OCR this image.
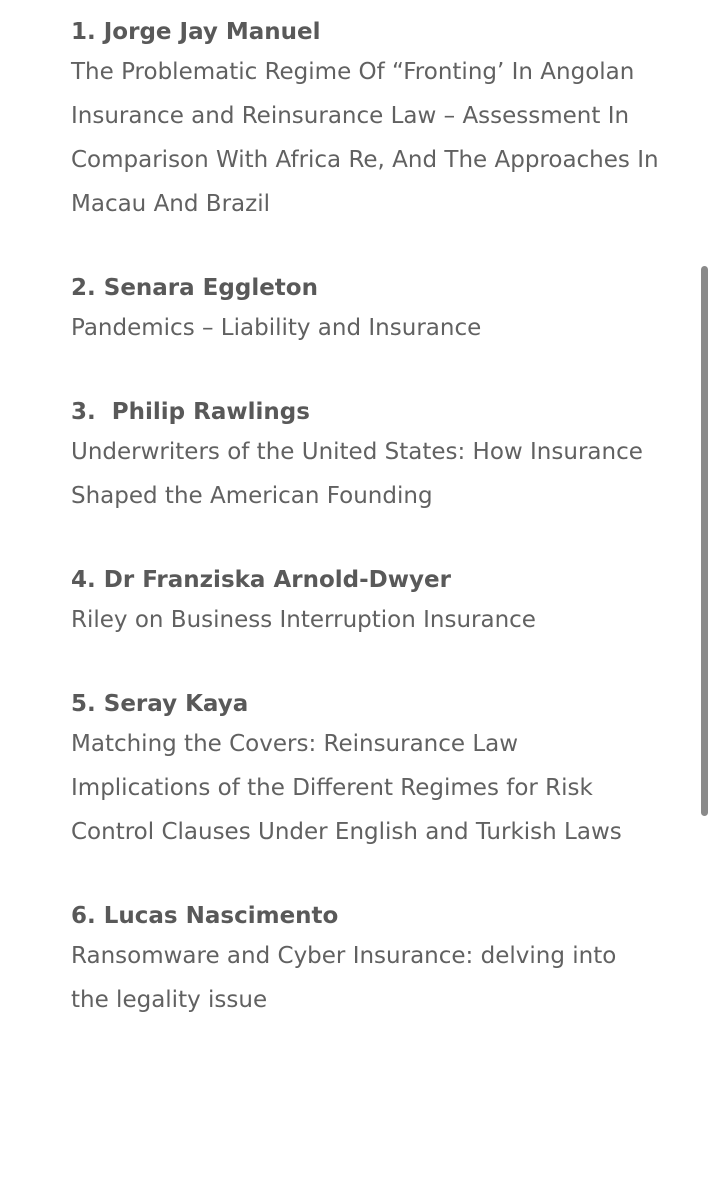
1. Jorge Jay Manuel
The Problematic Regime Of “Fronting’ In Angolan Insurance and Reinsurance Law – Assessment In Comparison With Africa Re, And The Approaches In Macau And Brazil
2. Senara Eggleton
Pandemics – Liability and Insurance
3.  Philip Rawlings
Underwriters of the United States: How Insurance Shaped the American Founding
4. Dr Franziska Arnold-Dwyer
Riley on Business Interruption Insurance
5. Seray Kaya
Matching the Covers: Reinsurance Law Implications of the Different Regimes for Risk Control Clauses Under English and Turkish Laws
6. Lucas Nascimento
Ransomware and Cyber Insurance: delving into the legality issue
